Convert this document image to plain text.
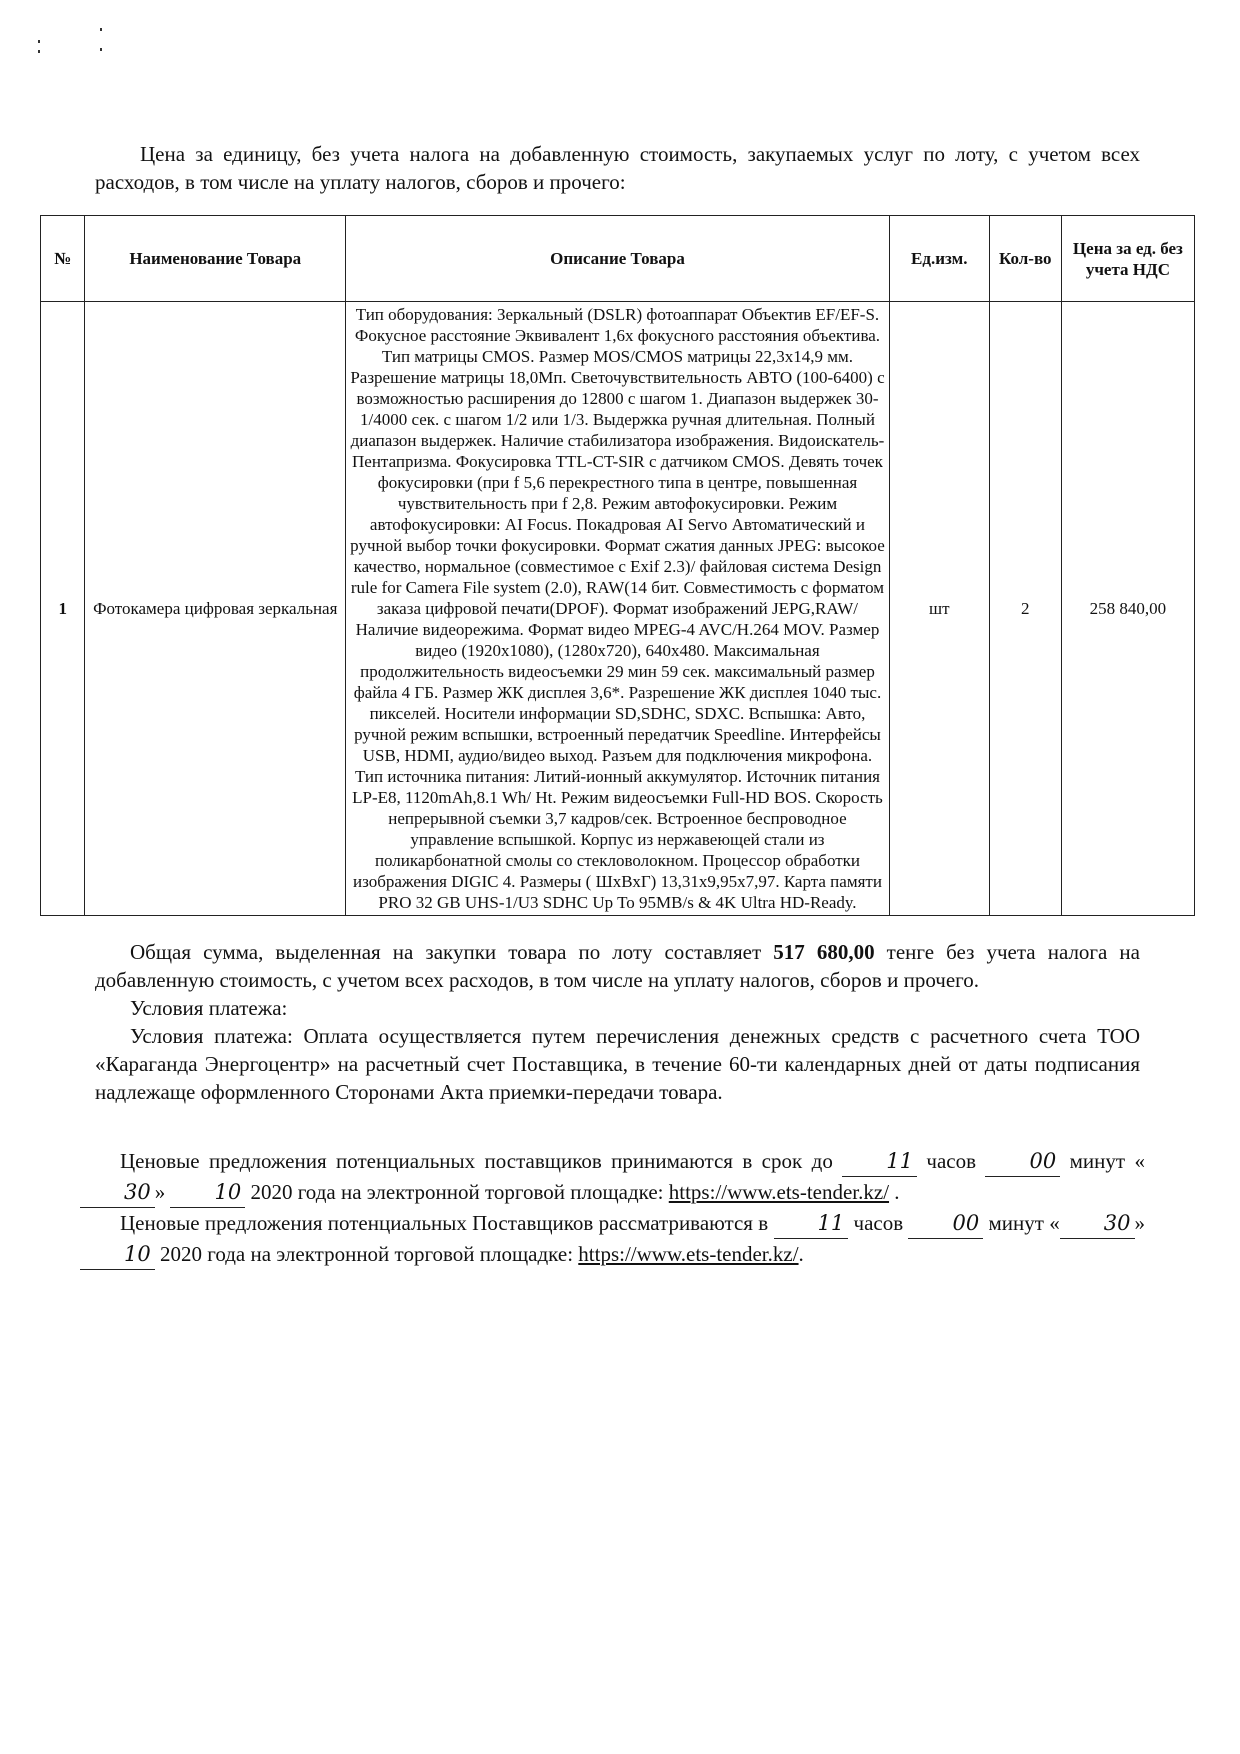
Цена за единицу, без учета налога на добавленную стоимость, закупаемых услуг по лоту, с учетом всех расходов, в том числе на уплату налогов, сборов и прочего:

№	Наименование Товара	Описание Товара	Ед.изм.	Кол-во	Цена за ед. без учета НДС
1	Фотокамера цифровая зеркальная	Тип оборудования: Зеркальный (DSLR) фотоаппарат Объектив EF/EF-S. Фокусное расстояние Эквивалент 1,6х фокусного расстояния объектива. Тип матрицы CMOS. Размер MOS/CMOS матрицы 22,3х14,9 мм. Разрешение матрицы 18,0Мп. Светочувствительность АВТО (100-6400) с возможностью расширения до 12800 с шагом 1. Диапазон выдержек 30-1/4000 сек. с шагом 1/2 или 1/3. Выдержка ручная длительная. Полный диапазон выдержек. Наличие стабилизатора изображения. Видоискатель-Пентапризма. Фокусировка TTL-CT-SIR с датчиком CMOS. Девять точек фокусировки (при f 5,6 перекрестного типа в центре, повышенная чувствительность при f 2,8. Режим автофокусировки. Режим автофокусировки: AI Focus. Покадровая AI Servo Автоматический и ручной выбор точки фокусировки. Формат сжатия данных JPEG: высокое качество, нормальное (совместимое с Exif 2.3)/ файловая система Design rule for Camera File system (2.0), RAW(14 бит. Совместимость с форматом заказа цифровой печати(DPOF). Формат изображений JEPG,RAW/ Наличие видеорежима. Формат видео MPEG-4 AVC/H.264 MOV. Размер видео (1920х1080), (1280х720), 640х480. Максимальная продолжительность видеосъемки 29 мин 59 сек. максимальный размер файла 4 ГБ. Размер ЖК дисплея 3,6*. Разрешение ЖК дисплея 1040 тыс. пикселей. Носители информации SD,SDHC, SDXC. Вспышка: Авто, ручной режим вспышки, встроенный передатчик Speedline. Интерфейсы USB, HDMI, аудио/видео выход. Разъем для подключения микрофона. Тип источника питания: Литий-ионный аккумулятор. Источник питания LP-E8, 1120mAh,8.1 Wh/ Ht. Режим видеосъемки Full-HD BOS. Скорость непрерывной съемки 3,7 кадров/сек. Встроенное беспроводное управление вспышкой. Корпус из нержавеющей стали из поликарбонатной смолы со стекловолокном. Процессор обработки изображения DIGIC 4. Размеры ( ШхВхГ) 13,31х9,95х7,97. Карта памяти PRO 32 GB UHS-1/U3 SDHC Up To 95MB/s & 4K Ultra HD-Ready.	шт	2	258 840,00

Общая сумма, выделенная на закупки товара по лоту составляет 517 680,00 тенге без учета налога на добавленную стоимость, с учетом всех расходов, в том числе на уплату налогов, сборов и прочего.

Условия платежа:

Условия платежа: Оплата осуществляется путем перечисления денежных средств с расчетного счета ТОО «Караганда Энергоцентр» на расчетный счет Поставщика, в течение 60-ти календарных дней от даты подписания надлежаще оформленного Сторонами Акта приемки-передачи товара.

Ценовые предложения потенциальных поставщиков принимаются в срок до 11 часов 00 минут «30 » 10 2020 года на электронной торговой площадке: https://www.ets-tender.kz/ .

Ценовые предложения потенциальных Поставщиков рассматриваются в 11 часов 00 минут « 30 » 10 2020 года на электронной торговой площадке: https://www.ets-tender.kz/.
